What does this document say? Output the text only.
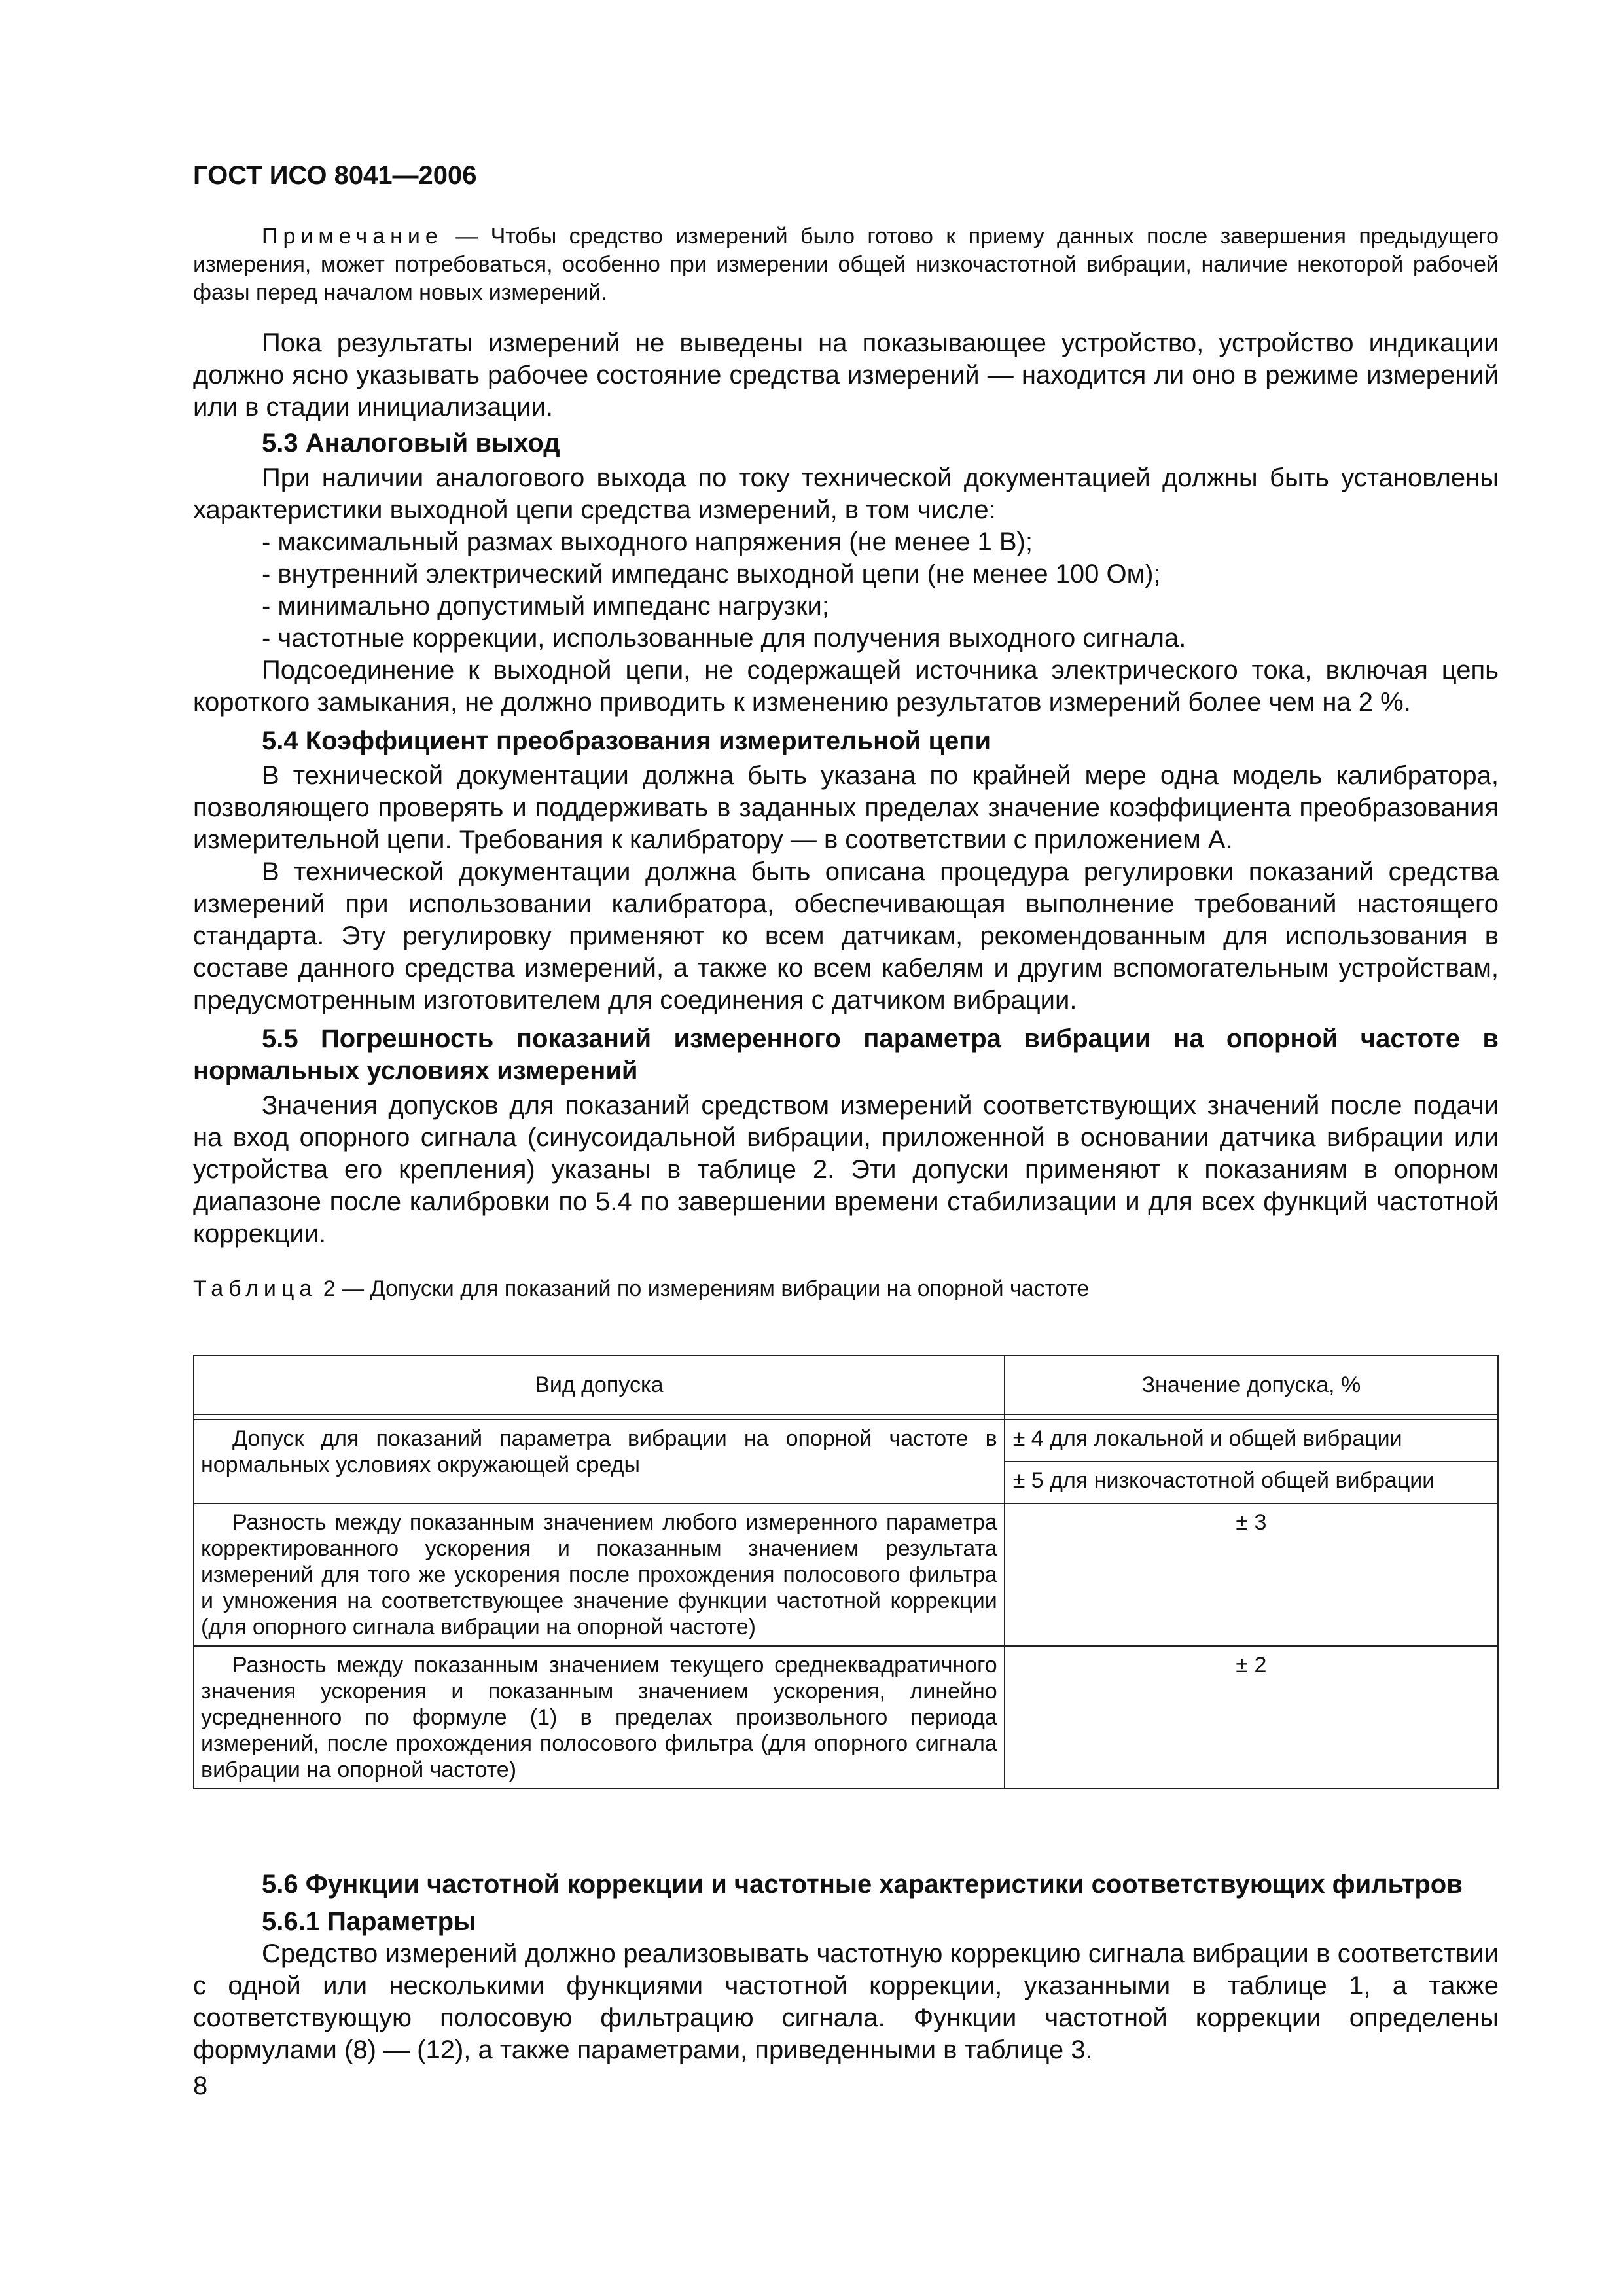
ГОСТ ИСО 8041—2006
Примечание — Чтобы средство измерений было готово к приему данных после завершения предыдущего измерения, может потребоваться, особенно при измерении общей низкочастотной вибрации, наличие некоторой рабочей фазы перед началом новых измерений.

Пока результаты измерений не выведены на показывающее устройство, устройство индикации должно ясно указывать рабочее состояние средства измерений — находится ли оно в режиме измерений или в стадии инициализации.

5.3 Аналоговый выход

При наличии аналогового выхода по току технической документацией должны быть установлены характеристики выходной цепи средства измерений, в том числе:

- максимальный размах выходного напряжения (не менее 1 В);

- внутренний электрический импеданс выходной цепи (не менее 100 Ом);

- минимально допустимый импеданс нагрузки;

- частотные коррекции, использованные для получения выходного сигнала.

Подсоединение к выходной цепи, не содержащей источника электрического тока, включая цепь короткого замыкания, не должно приводить к изменению результатов измерений более чем на 2 %.

5.4 Коэффициент преобразования измерительной цепи

В технической документации должна быть указана по крайней мере одна модель калибратора, позволяющего проверять и поддерживать в заданных пределах значение коэффициента преобразования измерительной цепи. Требования к калибратору — в соответствии с приложением А.

В технической документации должна быть описана процедура регулировки показаний средства измерений при использовании калибратора, обеспечивающая выполнение требований настоящего стандарта. Эту регулировку применяют ко всем датчикам, рекомендованным для использования в составе данного средства измерений, а также ко всем кабелям и другим вспомогательным устройствам, предусмотренным изготовителем для соединения с датчиком вибрации.

5.5 Погрешность показаний измеренного параметра вибрации на опорной частоте в нормальных условиях измерений

Значения допусков для показаний средством измерений соответствующих значений после подачи на вход опорного сигнала (синусоидальной вибрации, приложенной в основании датчика вибрации или устройства его крепления) указаны в таблице 2. Эти допуски применяют к показаниям в опорном диапазоне после калибровки по 5.4 по завершении времени стабилизации и для всех функций частотной коррекции.

Таблица 2 — Допуски для показаний по измерениям вибрации на опорной частоте

Вид допуска	Значение допуска, %

Допуск для показаний параметра вибрации на опорной частоте в нормальных условиях окружающей среды	± 4 для локальной и общей вибрации
	± 5 для низкочастотной общей вибрации

Разность между показанным значением любого измеренного параметра корректированного ускорения и показанным значением результата измерений для того же ускорения после прохождения полосового фильтра и умножения на соответствующее значение функции частотной коррекции (для опорного сигнала вибрации на опорной частоте)	± 3

Разность между показанным значением текущего среднеквадратичного значения ускорения и показанным значением ускорения, линейно усредненного по формуле (1) в пределах произвольного периода измерений, после прохождения полосового фильтра (для опорного сигнала вибрации на опорной частоте)	± 2

5.6 Функции частотной коррекции и частотные характеристики соответствующих фильтров

5.6.1 Параметры

Средство измерений должно реализовывать частотную коррекцию сигнала вибрации в соответствии с одной или несколькими функциями частотной коррекции, указанными в таблице 1, а также соответствующую полосовую фильтрацию сигнала. Функции частотной коррекции определены формулами (8) — (12), а также параметрами, приведенными в таблице 3.

8
